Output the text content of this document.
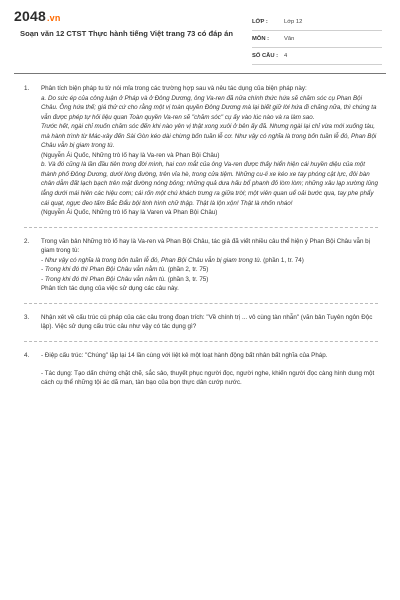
2048.vn
Soạn văn 12 CTST Thực hành tiếng Việt trang 73 có đáp án
LỚP :	Lớp 12
MÔN :	Văn
SỐ CÂU :	4
1.	Phân tích biện pháp tu từ nói mỉa trong các trường hợp sau và nêu tác dụng của biện pháp này:

a. Do sức ép của công luận ở Pháp và ở Đông Dương, ông Va-ren đã nửa chính thức hứa sẽ chăm sóc cụ Phan Bội Châu. Ông hứa thế; giá thử cứ cho rằng một vị toàn quyền Đông Dương mà lại biết giữ lời hứa đi chăng nữa, thì chúng ta vẫn được phép tự hỏi liệu quan Toàn quyền Va-ren sẽ "chăm sóc" cụ ấy vào lúc nào và ra làm sao.

Trước hết, ngài chỉ muốn chăm sóc đến khi nào yên vị thật xong xuôi ở bên ấy đã. Nhưng ngài lại chỉ vừa mới xuống tàu, mà hành trình từ Mác-xây đến Sài Gòn kéo dài chừng bốn tuần lễ cơ. Như vậy có nghĩa là trong bốn tuần lễ đó, Phan Bội Châu vẫn bị giam trong tù.

(Nguyễn Ái Quốc, Những trò lố hay là Va-ren và Phan Bội Châu)

b. Và đó cũng là lần đầu tiên trong đời mình, hai con mắt của ông Va-ren được thấy hiển hiện cái huyền diệu của một thành phố Đông Dương, dưới lòng đường, trên vỉa hè, trong cửa tiệm. Những cu-li xe kéo xe tay phóng cật lực, đôi bàn chân dẫm đất lạch bạch trên mặt đường nóng bỏng; những quả dưa hấu bổ phanh đỏ lòm lòm; những xâu lạp xường lủng lẳng dưới mái hiên các hiệu cơm; cái rốn một chú khách trưng ra giữa trời; một viên quan uể oải bước qua, tay phe phẩy cái quạt, ngực đeo tấm Bắc Đẩu bội tinh hình chữ thập. Thật là lộn xộn! Thật là nhốn nháo!

(Nguyễn Ái Quốc, Những trò lố hay là Varen và Phan Bội Châu)

2.	Trong văn bản Những trò lố hay là Va-ren và Phan Bội Châu, tác giả đã viết nhiều câu thể hiện ý Phan Bội Châu vẫn bị giam trong tù:

- Như vậy có nghĩa là trong bốn tuần lễ đó, Phan Bội Châu vẫn bị giam trong tù. (phần 1, tr. 74)

- Trong khi đó thì Phan Bội Châu vẫn nằm tù. (phần 2, tr. 75)

- Trong khi đó thì Phan Bội Châu vẫn nằm tù. (phần 3, tr. 75)

Phân tích tác dụng của việc sử dụng các câu này.

3.	Nhận xét về cấu trúc cú pháp của các câu trong đoạn trích: "Về chính trị ... vô cùng tàn nhẫn" (văn bản Tuyên ngôn Độc lập). Việc sử dụng cấu trúc câu như vậy có tác dụng gì?

4.	- Điệp cấu trúc: "Chúng" lặp lại 14 lần cùng với liệt kê một loạt hành động bất nhân bất nghĩa của Pháp.

- Tác dụng: Tạo dấn chứng chặt chẽ, sắc sảo, thuyết phục người đọc, người nghe, khiến người đọc càng hình dung một cách cụ thể những tội ác dã man, tàn bạo của bọn thực dân cướp nước.
